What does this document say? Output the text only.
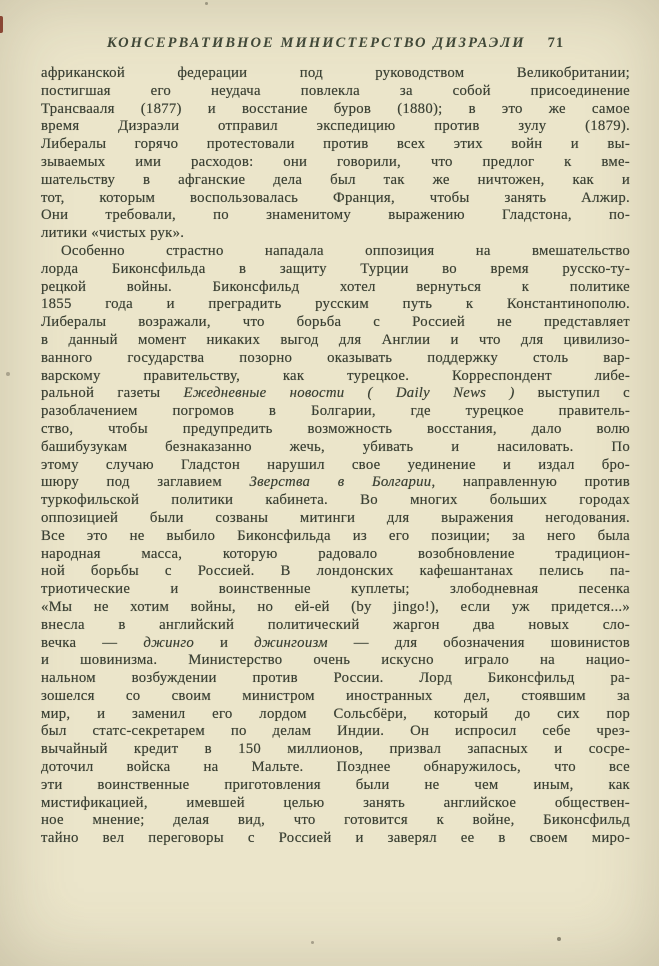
КОНСЕРВАТИВНОЕ МИНИСТЕРСТВО ДИЗРАЭЛИ 71
африканской федерации под руководством Великобритании;
постигшая его неудача повлекла за собой присоединение
Трансвааля (1877) и восстание буров (1880); в это же самое
время Дизраэли отправил экспедицию против зулу (1879).
Либералы горячо протестовали против всех этих войн и вы-
зываемых ими расходов: они говорили, что предлог к вме-
шательству в афганские дела был так же ничтожен, как и
тот, которым воспользовалась Франция, чтобы занять Алжир.
Они требовали, по знаменитому выражению Гладстона, по-
литики «чистых рук».
Особенно страстно нападала оппозиция на вмешательство
лорда Биконсфильда в защиту Турции во время русско-ту-
рецкой войны. Биконсфильд хотел вернуться к политике
1855 года и преградить русским путь к Константинополю.
Либералы возражали, что борьба с Россией не представляет
в данный момент никаких выгод для Англии и что для цивилизо-
ванного государства позорно оказывать поддержку столь вар-
варскому правительству, как турецкое. Корреспондент либе-
ральной газеты Ежедневные новости ( Daily News ) выступил с
разоблачением погромов в Болгарии, где турецкое правитель-
ство, чтобы предупредить возможность восстания, дало волю
башибузукам безнаказанно жечь, убивать и насиловать. По
этому случаю Гладстон нарушил свое уединение и издал бро-
шюру под заглавием Зверства в Болгарии, направленную против
туркофильской политики кабинета. Во многих больших городах
оппозицией были созваны митинги для выражения негодования.
Все это не выбило Биконсфильда из его позиции; за него была
народная масса, которую радовало возобновление традицион-
ной борьбы с Россией. В лондонских кафешантанах пелись па-
триотические и воинственные куплеты; злободневная песенка
«Мы не хотим войны, но ей-ей (by jingo!), если уж придется...»
внесла в английский политический жаргон два новых сло-
вечка — джинго и джингоизм — для обозначения шовинистов
и шовинизма. Министерство очень искусно играло на нацио-
нальном возбуждении против России. Лорд Биконсфильд ра-
зошелся со своим министром иностранных дел, стоявшим за
мир, и заменил его лордом Сольсбёри, который до сих пор
был статс-секретарем по делам Индии. Он испросил себе чрез-
вычайный кредит в 150 миллионов, призвал запасных и сосре-
доточил войска на Мальте. Позднее обнаружилось, что все
эти воинственные приготовления были не чем иным, как
мистификацией, имевшей целью занять английское обществен-
ное мнение; делая вид, что готовится к войне, Биконсфильд
тайно вел переговоры с Россией и заверял ее в своем миро-
